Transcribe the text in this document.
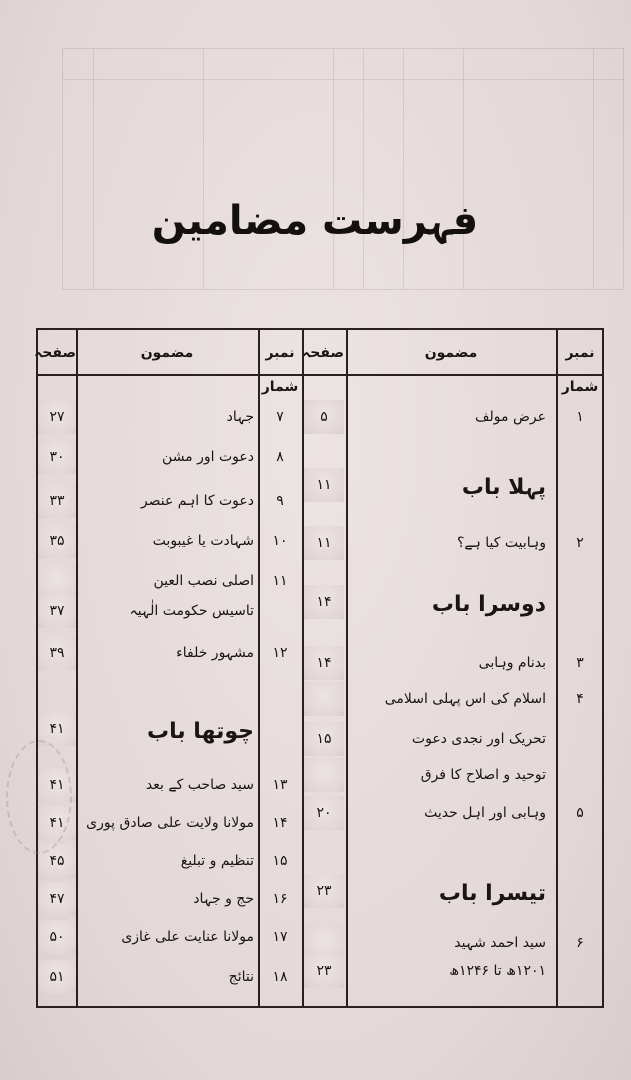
فہرست مضامین
نمبر شمار
مضمون
صفحہ
نمبر شمار
مضمون
صفحہ
۱
عرض مولف
۵
پہلا باب
۱۱
۲
وہابیت کیا ہے؟
۱۱
دوسرا باب
۱۴
۳
بدنام وہابی
۱۴
۴
اسلام کی اس پہلی اسلامی
تحریک اور نجدی دعوت
۱۵
توحید و اصلاح کا فرق
۵
وہابی اور اہل حدیث
۲۰
تیسرا باب
۲۳
۶
سید احمد شہید
۱۲۰۱ھ تا ۱۲۴۶ھ
۲۳
۷
جہاد
۲۷
۸
دعوت اور مشن
۳۰
۹
دعوت کا اہم عنصر
۳۳
۱۰
شہادت یا غیبوبت
۳۵
۱۱
اصلی نصب العین
تاسیس حکومت الٰہیہ
۳۷
۱۲
مشہور خلفاء
۳۹
چوتھا باب
۴۱
۱۳
سید صاحب کے بعد
۴۱
۱۴
مولانا ولایت علی صادق پوری
۴۱
۱۵
تنظیم و تبلیغ
۴۵
۱۶
حج و جہاد
۴۷
۱۷
مولانا عنایت علی غازی
۵۰
۱۸
نتائج
۵۱
